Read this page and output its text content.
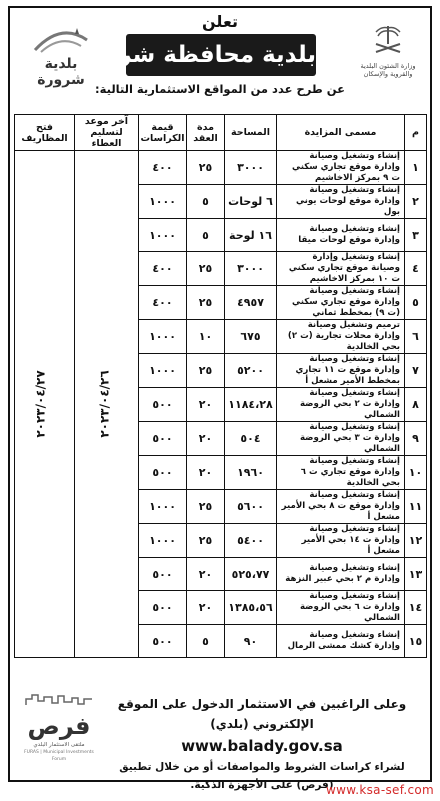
وزارة الشئون البلدية والقروية والإسكان
تعلن
بلدية محافظة شرورة
عن طرح عدد من المواقع الاستثمارية التالية:
بلدية شرورة
م	مسمى المزايدة	المساحة	مدة العقد	قيمة الكراسات	آخر موعد لتسليم العطاء	فتح المظاريف
١	إنشاء وتشغيل وصيانة وإدارة موقع تجاري سكني ت ٩ بمركز الاخاشيم	٣٠٠٠	٢٥	٤٠٠	٢٠٢٣/٠٤/٢٦	٢٠٢٣/٠٤/٢٧
٢	إنشاء وتشغيل وصيانة وإدارة موقع لوحات يوني بول	٦ لوحات	٥	١٠٠٠		
٣	إنشاء وتشغيل وصيانة وإدارة موقع لوحات ميقا	١٦ لوحة	٥	١٠٠٠		
٤	إنشاء وتشغيل وإدارة وصيانة موقع تجاري سكني ت ١٠ بمركز الاخاشيم	٣٠٠٠	٢٥	٤٠٠		
٥	إنشاء وتشغيل وصيانة وإدارة موقع تجاري سكني (ت ٩) بمخطط ثماني	٤٩٥٧	٢٥	٤٠٠		
٦	ترميم وتشغيل وصيانة وإدارة محلات تجارية (ت ٢) بحي الخالدية	٦٧٥	١٠	١٠٠٠		
٧	إنشاء وتشغيل وصيانة وإدارة موقع ت ١١ تجاري بمخطط الأمير مشعل أ	٥٢٠٠	٢٥	١٠٠٠		
٨	إنشاء وتشغيل وصيانة وإدارة ت ٢ بحي الروضة الشمالي	١١٨٤،٢٨	٢٠	٥٠٠		
٩	إنشاء وتشغيل وصيانة وإدارة ت ٣ بحي الروضة الشمالي	٥٠٤	٢٠	٥٠٠		
١٠	إنشاء وتشغيل وصيانة وإدارة موقع تجاري ت ٦ بحي الخالدية	١٩٦٠	٢٠	٥٠٠		
١١	إنشاء وتشغيل وصيانة وإدارة موقع ت ٨ بحي الأمير مشعل أ	٥٦٠٠	٢٥	١٠٠٠		
١٢	إنشاء وتشغيل وصيانة وإدارة ت ١٤ بحي الأمير مشعل أ	٥٤٠٠	٢٥	١٠٠٠		
١٣	إنشاء وتشغيل وصيانة وإدارة م ٢ بحي عبير النزهة	٥٢٥،٧٧	٢٠	٥٠٠		
١٤	إنشاء وتشغيل وصيانة وإدارة ت ٦ بحي الروضة الشمالي	١٣٨٥،٥٦	٢٠	٥٠٠		
١٥	إنشاء وتشغيل وصيانة وإدارة كشك ممشى الرمال	٩٠	٥	٥٠٠		
وعلى الراغبين في الاستثمار الدخول على الموقع الإلكتروني (بلدي)
www.balady.gov.sa
لشراء كراسات الشروط والمواصفات أو من خلال تطبيق (فرص) على الأجهزة الذكية.
فرص
ملتقى الاستثمار البلدي
FURAS | Municipal Investments Forum
www.ksa-sef.com
